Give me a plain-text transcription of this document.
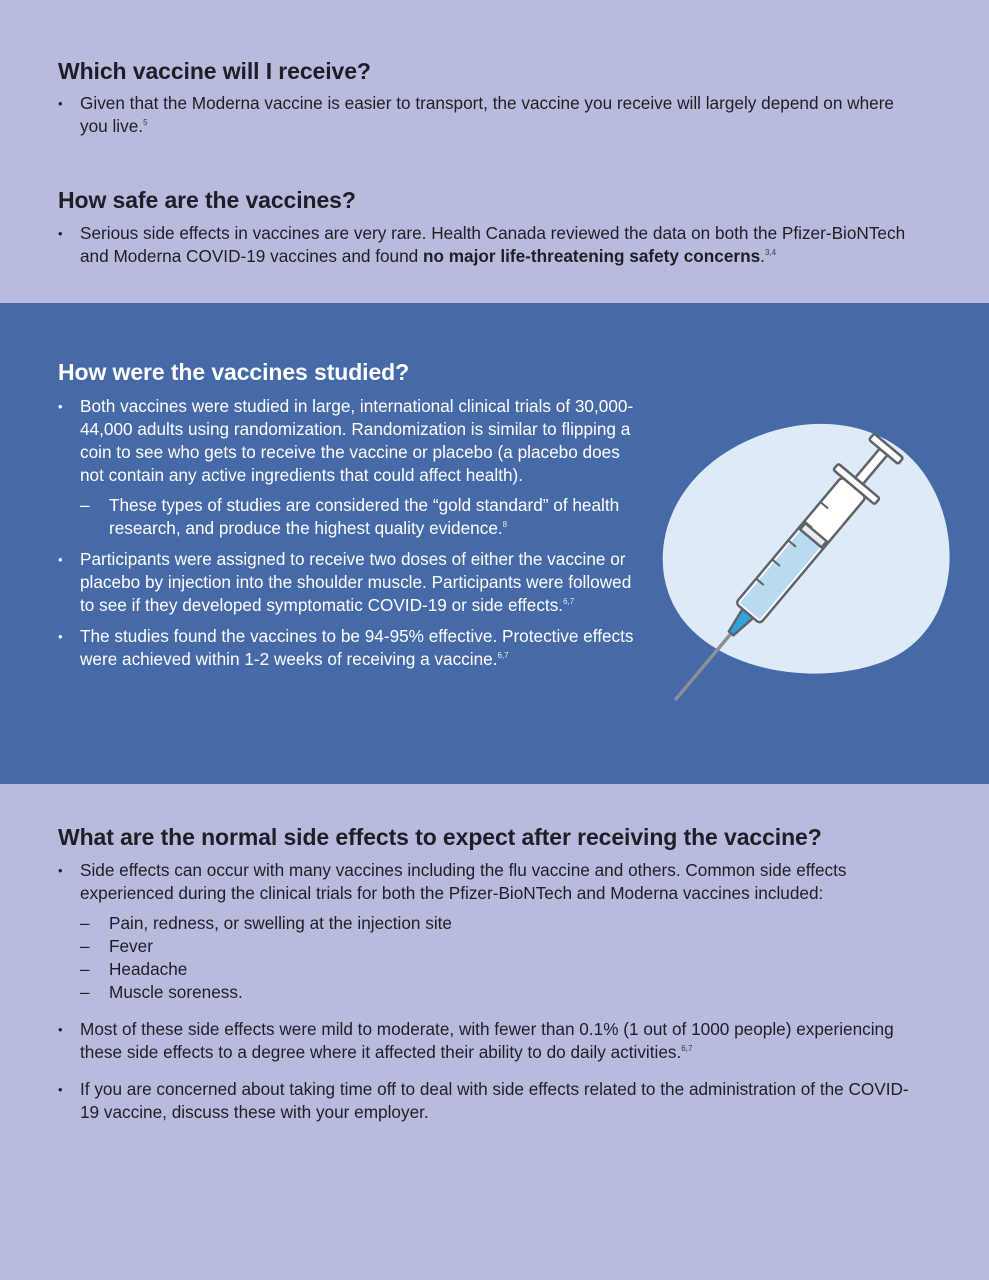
Which vaccine will I receive?
• Given that the Moderna vaccine is easier to transport, the vaccine you receive will largely depend on where you live.$^5$
How safe are the vaccines?
• Serious side effects in vaccines are very rare. Health Canada reviewed the data on both the Pfizer-BioNTech and Moderna COVID-19 vaccines and found no major life-threatening safety concerns.$^{3,4}$
How were the vaccines studied?
• Both vaccines were studied in large, international clinical trials of 30,000-44,000 adults using randomization. Randomization is similar to flipping a coin to see who gets to receive the vaccine or placebo (a placebo does not contain any active ingredients that could affect health).
– These types of studies are considered the “gold standard” of health research, and produce the highest quality evidence.$^8$
• Participants were assigned to receive two doses of either the vaccine or placebo by injection into the shoulder muscle. Participants were followed to see if they developed symptomatic COVID-19 or side effects.$^{6,7}$
• The studies found the vaccines to be 94-95% effective. Protective effects were achieved within 1-2 weeks of receiving a vaccine.$^{6,7}$
What are the normal side effects to expect after receiving the vaccine?
• Side effects can occur with many vaccines including the flu vaccine and others. Common side effects experienced during the clinical trials for both the Pfizer-BioNTech and Moderna vaccines included:
– Pain, redness, or swelling at the injection site
– Fever
– Headache
– Muscle soreness.
• Most of these side effects were mild to moderate, with fewer than 0.1% (1 out of 1000 people) experiencing these side effects to a degree where it affected their ability to do daily activities.$^{6,7}$
• If you are concerned about taking time off to deal with side effects related to the administration of the COVID-19 vaccine, discuss these with your employer.
